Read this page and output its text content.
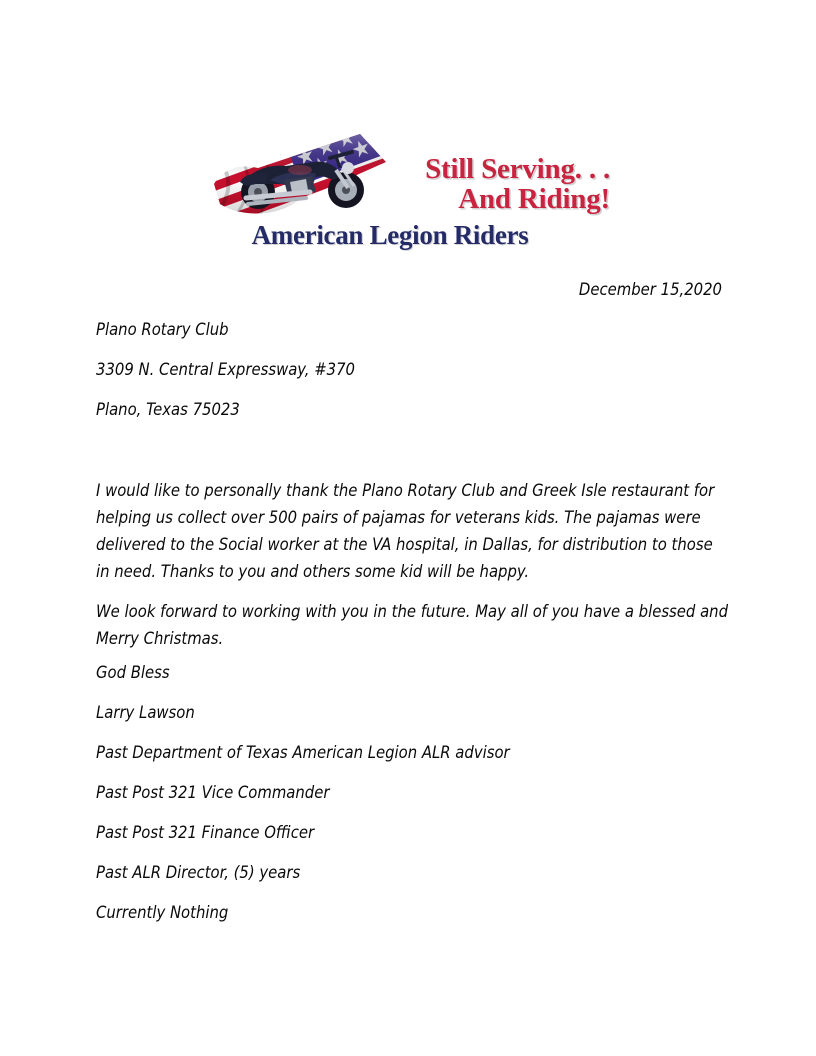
Still Serving. . .
And Riding!
American Legion Riders
December 15,2020
Plano Rotary Club
3309 N. Central Expressway, #370
Plano, Texas 75023

I would like to personally thank the Plano Rotary Club and Greek Isle restaurant for helping us collect over 500 pairs of pajamas for veterans kids. The pajamas were delivered to the Social worker at the VA hospital, in Dallas, for distribution to those in need. Thanks to you and others some kid will be happy.

We look forward to working with you in the future. May all of you have a blessed and Merry Christmas.

God Bless
Larry Lawson
Past Department of Texas American Legion ALR advisor
Past Post 321 Vice Commander
Past Post 321 Finance Officer
Past ALR Director, (5) years
Currently Nothing
